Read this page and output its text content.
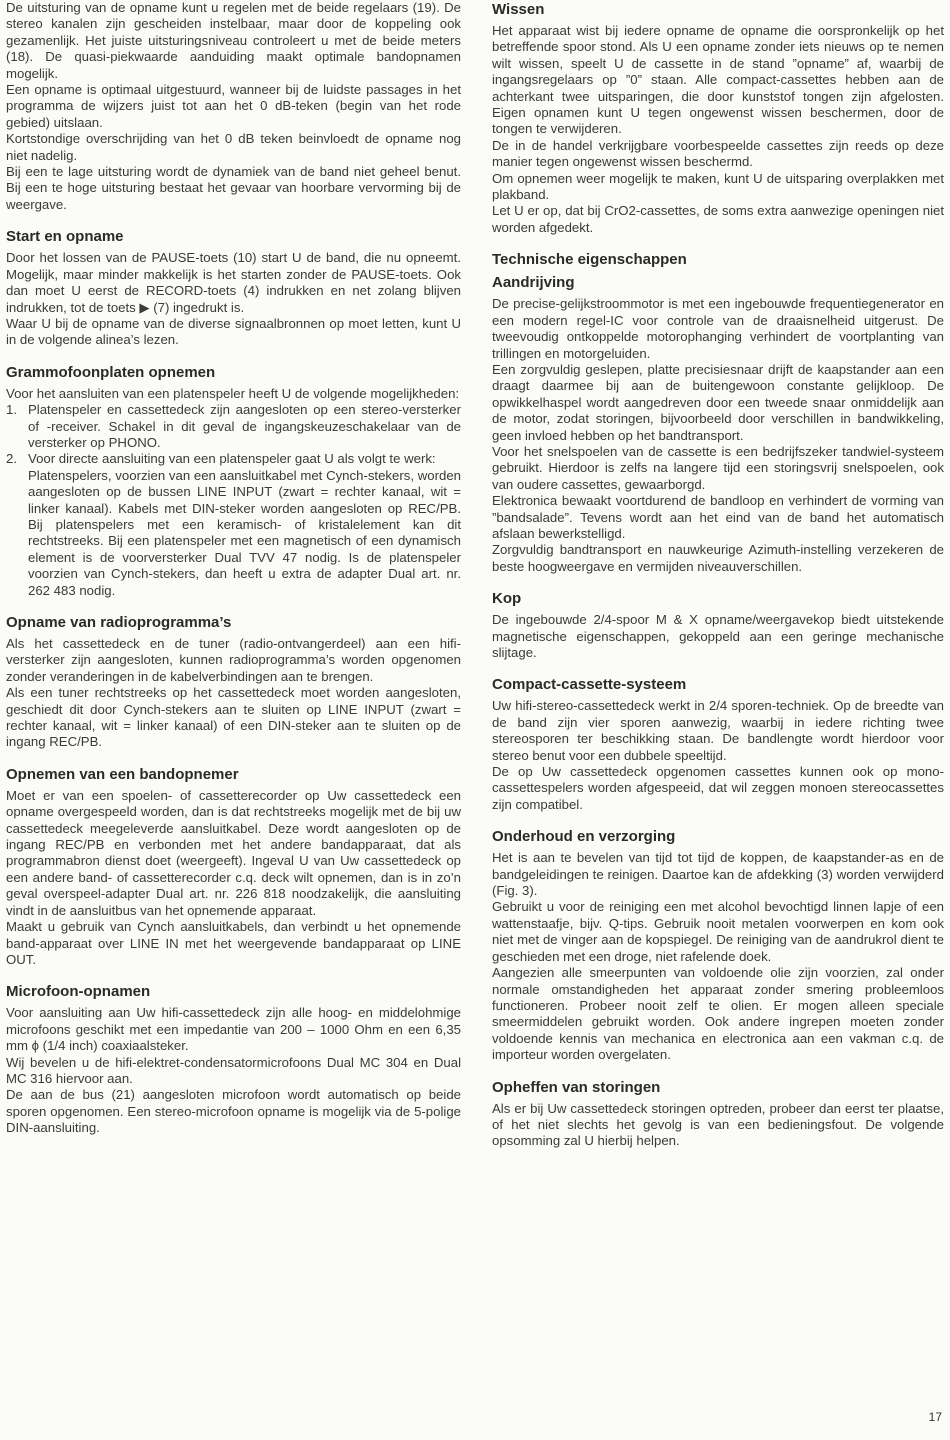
De uitsturing van de opname kunt u regelen met de beide regelaars (19). De stereo kanalen zijn gescheiden instelbaar, maar door de koppeling ook gezamenlijk. Het juiste uitsturingsniveau controleert u met de beide meters (18). De quasi-piekwaarde aanduiding maakt optimale bandopnamen mogelijk.

Een opname is optimaal uitgestuurd, wanneer bij de luidste passages in het programma de wijzers juist tot aan het 0 dB-teken (begin van het rode gebied) uitslaan.

Kortstondige overschrijding van het 0 dB teken beinvloedt de opname nog niet nadelig.

Bij een te lage uitsturing wordt de dynamiek van de band niet geheel benut. Bij een te hoge uitsturing bestaat het gevaar van hoorbare vervorming bij de weergave.

Start en opname

Door het lossen van de PAUSE-toets (10) start U de band, die nu opneemt. Mogelijk, maar minder makkelijk is het starten zonder de PAUSE-toets. Ook dan moet U eerst de RECORD-toets (4) indrukken en net zolang blijven indrukken, tot de toets ▶ (7) ingedrukt is.

Waar U bij de opname van de diverse signaalbronnen op moet letten, kunt U in de volgende alinea’s lezen.

Grammofoonplaten opnemen

Voor het aansluiten van een platenspeler heeft U de volgende mogelijkheden:

1. Platenspeler en cassettedeck zijn aangesloten op een stereo-versterker of -receiver. Schakel in dit geval de ingangskeuzeschakelaar van de versterker op PHONO.

2. Voor directe aansluiting van een platenspeler gaat U als volgt te werk:

Platenspelers, voorzien van een aansluitkabel met Cynch-stekers, worden aangesloten op de bussen LINE INPUT (zwart = rechter kanaal, wit = linker kanaal). Kabels met DIN-steker worden aangesloten op REC/PB. Bij platenspelers met een keramisch- of kristalelement kan dit rechtstreeks. Bij een platenspeler met een magnetisch of een dynamisch element is de voorversterker Dual TVV 47 nodig. Is de platenspeler voorzien van Cynch-stekers, dan heeft u extra de adapter Dual art. nr. 262 483 nodig.

Opname van radioprogramma’s

Als het cassettedeck en de tuner (radio-ontvangerdeel) aan een hifi-versterker zijn aangesloten, kunnen radioprogramma’s worden opgenomen zonder veranderingen in de kabelverbindingen aan te brengen.

Als een tuner rechtstreeks op het cassettedeck moet worden aangesloten, geschiedt dit door Cynch-stekers aan te sluiten op LINE INPUT (zwart = rechter kanaal, wit = linker kanaal) of een DIN-steker aan te sluiten op de ingang REC/PB.

Opnemen van een bandopnemer

Moet er van een spoelen- of cassetterecorder op Uw cassettedeck een opname overgespeeld worden, dan is dat rechtstreeks mogelijk met de bij uw cassettedeck meegeleverde aansluitkabel. Deze wordt aangesloten op de ingang REC/PB en verbonden met het andere bandapparaat, dat als programmabron dienst doet (weergeeft). Ingeval U van Uw cassettedeck op een andere band- of cassetterecorder c.q. deck wilt opnemen, dan is in zo’n geval overspeel-adapter Dual art. nr. 226 818 noodzakelijk, die aansluiting vindt in de aansluitbus van het opnemende apparaat.

Maakt u gebruik van Cynch aansluitkabels, dan verbindt u het opnemende band-apparaat over LINE IN met het weergevende bandapparaat op LINE OUT.

Microfoon-opnamen

Voor aansluiting aan Uw hifi-cassettedeck zijn alle hoog- en middelohmige microfoons geschikt met een impedantie van 200 – 1000 Ohm en een 6,35 mm ϕ (1/4 inch) coaxiaalsteker.

Wij bevelen u de hifi-elektret-condensatormicrofoons Dual MC 304 en Dual MC 316 hiervoor aan.

De aan de bus (21) aangesloten microfoon wordt automatisch op beide sporen opgenomen. Een stereo-microfoon opname is mogelijk via de 5-polige DIN-aansluiting.

Wissen

Het apparaat wist bij iedere opname de opname die oorspronkelijk op het betreffende spoor stond. Als U een opname zonder iets nieuws op te nemen wilt wissen, speelt U de cassette in de stand ”opname” af, waarbij de ingangsregelaars op ”0” staan. Alle compact-cassettes hebben aan de achterkant twee uitsparingen, die door kunststof tongen zijn afgelosten. Eigen opnamen kunt U tegen ongewenst wissen beschermen, door de tongen te verwijderen.

De in de handel verkrijgbare voorbespeelde cassettes zijn reeds op deze manier tegen ongewenst wissen beschermd.

Om opnemen weer mogelijk te maken, kunt U de uitsparing overplakken met plakband.

Let U er op, dat bij CrO2-cassettes, de soms extra aanwezige openingen niet worden afgedekt.

Technische eigenschappen
Aandrijving

De precise-gelijkstroommotor is met een ingebouwde frequentiegenerator en een modern regel-IC voor controle van de draaisnelheid uitgerust. De tweevoudig ontkoppelde motorophanging verhindert de voortplanting van trillingen en motorgeluiden.

Een zorgvuldig geslepen, platte precisiesnaar drijft de kaapstander aan een draagt daarmee bij aan de buitengewoon constante gelijkloop. De opwikkelhaspel wordt aangedreven door een tweede snaar onmiddelijk aan de motor, zodat storingen, bijvoorbeeld door verschillen in bandwikkeling, geen invloed hebben op het bandtransport.

Voor het snelspoelen van de cassette is een bedrijfszeker tandwiel-systeem gebruikt. Hierdoor is zelfs na langere tijd een storingsvrij snelspoelen, ook van oudere cassettes, gewaarborgd.

Elektronica bewaakt voortdurend de bandloop en verhindert de vorming van ”bandsalade”. Tevens wordt aan het eind van de band het automatisch afslaan bewerkstelligd.

Zorgvuldig bandtransport en nauwkeurige Azimuth-instelling verzekeren de beste hoogweergave en vermijden niveauverschillen.

Kop

De ingebouwde 2/4-spoor M & X opname/weergavekop biedt uitstekende magnetische eigenschappen, gekoppeld aan een geringe mechanische slijtage.

Compact-cassette-systeem

Uw hifi-stereo-cassettedeck werkt in 2/4 sporen-techniek. Op de breedte van de band zijn vier sporen aanwezig, waarbij in iedere richting twee stereosporen ter beschikking staan. De bandlengte wordt hierdoor voor stereo benut voor een dubbele speeltijd.

De op Uw cassettedeck opgenomen cassettes kunnen ook op mono-cassettespelers worden afgespeeid, dat wil zeggen monoen stereocassettes zijn compatibel.

Onderhoud en verzorging

Het is aan te bevelen van tijd tot tijd de koppen, de kaapstander-as en de bandgeleidingen te reinigen. Daartoe kan de afdekking (3) worden verwijderd (Fig. 3).

Gebruikt u voor de reiniging een met alcohol bevochtigd linnen lapje of een wattenstaafje, bijv. Q-tips. Gebruik nooit metalen voorwerpen en kom ook niet met de vinger aan de kopspiegel. De reiniging van de aandrukrol dient te geschieden met een droge, niet rafelende doek.

Aangezien alle smeerpunten van voldoende olie zijn voorzien, zal onder normale omstandigheden het apparaat zonder smering probleemloos functioneren. Probeer nooit zelf te olien. Er mogen alleen speciale smeermiddelen gebruikt worden. Ook andere ingrepen moeten zonder voldoende kennis van mechanica en electronica aan een vakman c.q. de importeur worden overgelaten.

Opheffen van storingen

Als er bij Uw cassettedeck storingen optreden, probeer dan eerst ter plaatse, of het niet slechts het gevolg is van een bedieningsfout. De volgende opsomming zal U hierbij helpen.

17
